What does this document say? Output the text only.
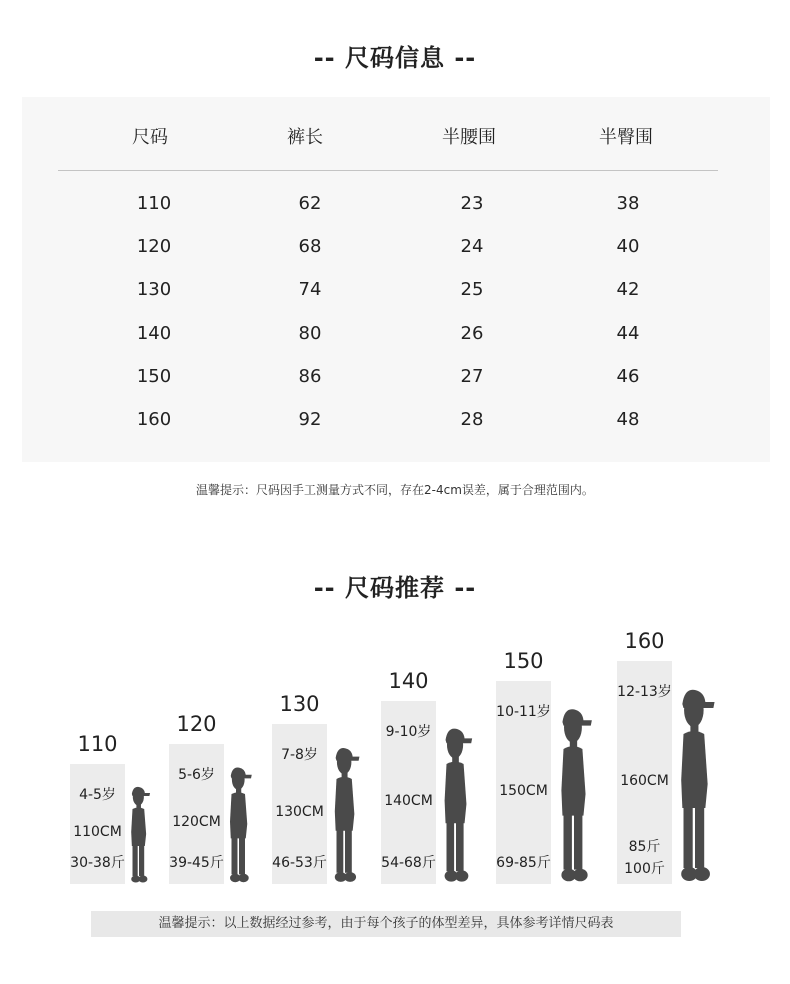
-- 尺码信息 --
尺码	裤长	半腰围	半臀围
110	62	23	38
120	68	24	40
130	74	25	42
140	80	26	44
150	86	27	46
160	92	28	48
温馨提示：尺码因手工测量方式不同，存在2-4cm误差，属于合理范围内。
-- 尺码推荐 --
110
4-5岁
110CM
30-38斤
120
5-6岁
120CM
39-45斤
130
7-8岁
130CM
46-53斤
140
9-10岁
140CM
54-68斤
150
10-11岁
150CM
69-85斤
160
12-13岁
160CM
85斤
100斤
温馨提示：以上数据经过参考，由于每个孩子的体型差异，具体参考详情尺码表
